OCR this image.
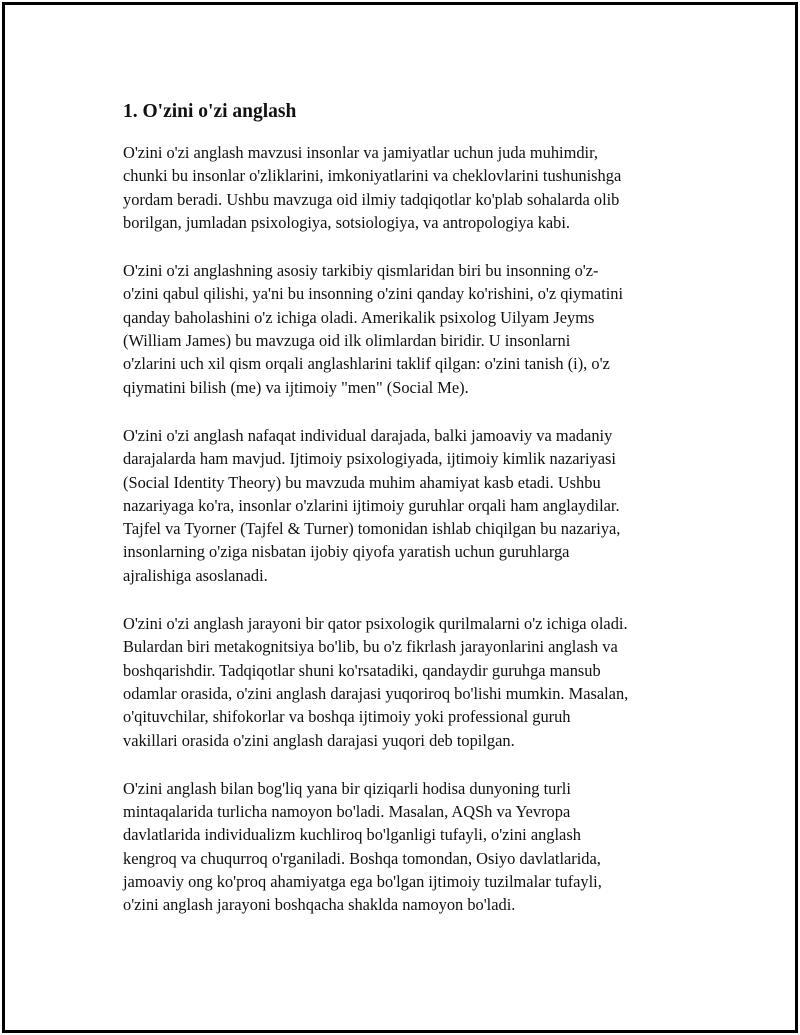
1. O'zini o'zi anglash

O'zini o'zi anglash mavzusi insonlar va jamiyatlar uchun juda muhimdir,
chunki bu insonlar o'zliklarini, imkoniyatlarini va cheklovlarini tushunishga
yordam beradi. Ushbu mavzuga oid ilmiy tadqiqotlar ko'plab sohalarda olib
borilgan, jumladan psixologiya, sotsiologiya, va antropologiya kabi.

O'zini o'zi anglashning asosiy tarkibiy qismlaridan biri bu insonning o'z-
o'zini qabul qilishi, ya'ni bu insonning o'zini qanday ko'rishini, o'z qiymatini
qanday baholashini o'z ichiga oladi. Amerikalik psixolog Uilyam Jeyms
(William James) bu mavzuga oid ilk olimlardan biridir. U insonlarni
o'zlarini uch xil qism orqali anglashlarini taklif qilgan: o'zini tanish (i), o'z
qiymatini bilish (me) va ijtimoiy "men" (Social Me).

O'zini o'zi anglash nafaqat individual darajada, balki jamoaviy va madaniy
darajalarda ham mavjud. Ijtimoiy psixologiyada, ijtimoiy kimlik nazariyasi
(Social Identity Theory) bu mavzuda muhim ahamiyat kasb etadi. Ushbu
nazariyaga ko'ra, insonlar o'zlarini ijtimoiy guruhlar orqali ham anglaydilar.
Tajfel va Tyorner (Tajfel & Turner) tomonidan ishlab chiqilgan bu nazariya,
insonlarning o'ziga nisbatan ijobiy qiyofa yaratish uchun guruhlarga
ajralishiga asoslanadi.

O'zini o'zi anglash jarayoni bir qator psixologik qurilmalarni o'z ichiga oladi.
Bulardan biri metakognitsiya bo'lib, bu o'z fikrlash jarayonlarini anglash va
boshqarishdir. Tadqiqotlar shuni ko'rsatadiki, qandaydir guruhga mansub
odamlar orasida, o'zini anglash darajasi yuqoriroq bo'lishi mumkin. Masalan,
o'qituvchilar, shifokorlar va boshqa ijtimoiy yoki professional guruh
vakillari orasida o'zini anglash darajasi yuqori deb topilgan.

O'zini anglash bilan bog'liq yana bir qiziqarli hodisa dunyoning turli
mintaqalarida turlicha namoyon bo'ladi. Masalan, AQSh va Yevropa
davlatlarida individualizm kuchliroq bo'lganligi tufayli, o'zini anglash
kengroq va chuqurroq o'rganiladi. Boshqa tomondan, Osiyo davlatlarida,
jamoaviy ong ko'proq ahamiyatga ega bo'lgan ijtimoiy tuzilmalar tufayli,
o'zini anglash jarayoni boshqacha shaklda namoyon bo'ladi.
